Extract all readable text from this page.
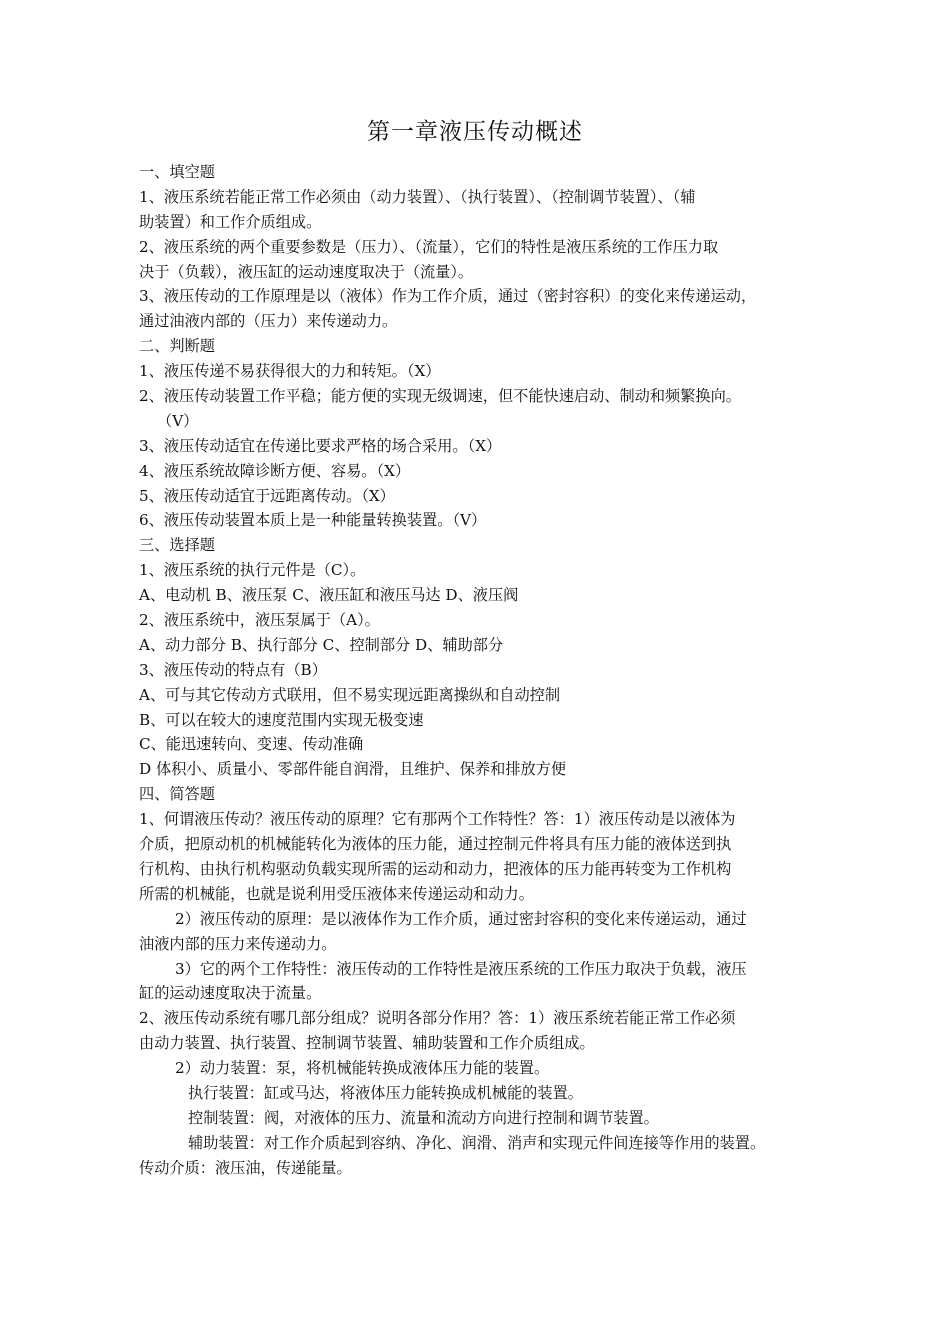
第一章液压传动概述
一、填空题
1、液压系统若能正常工作必须由（动力装置）、（执行装置）、（控制调节装置）、（辅
助装置）和工作介质组成。
2、液压系统的两个重要参数是（压力）、（流量），它们的特性是液压系统的工作压力取
决于（负载），液压缸的运动速度取决于（流量）。
3、液压传动的工作原理是以（液体）作为工作介质，通过（密封容积）的变化来传递运动，
通过油液内部的（压力）来传递动力。
二、判断题
1、液压传递不易获得很大的力和转矩。（X）
2、液压传动装置工作平稳；能方便的实现无级调速，但不能快速启动、制动和频繁换向。
（V）
3、液压传动适宜在传递比要求严格的场合采用。（X）
4、液压系统故障诊断方便、容易。（X）
5、液压传动适宜于远距离传动。（X）
6、液压传动装置本质上是一种能量转换装置。（V）
三、选择题
1、液压系统的执行元件是（C）。
A、电动机 B、液压泵 C、液压缸和液压马达 D、液压阀
2、液压系统中，液压泵属于（A）。
A、动力部分 B、执行部分 C、控制部分 D、辅助部分
3、液压传动的特点有（B）
A、可与其它传动方式联用，但不易实现远距离操纵和自动控制
B、可以在较大的速度范围内实现无极变速
C、能迅速转向、变速、传动准确
D 体积小、质量小、零部件能自润滑，且维护、保养和排放方便
四、简答题
1、何谓液压传动？液压传动的原理？它有那两个工作特性？答：1）液压传动是以液体为
介质，把原动机的机械能转化为液体的压力能，通过控制元件将具有压力能的液体送到执
行机构、由执行机构驱动负载实现所需的运动和动力，把液体的压力能再转变为工作机构
所需的机械能，也就是说利用受压液体来传递运动和动力。
2）液压传动的原理：是以液体作为工作介质，通过密封容积的变化来传递运动，通过
油液内部的压力来传递动力。
3）它的两个工作特性：液压传动的工作特性是液压系统的工作压力取决于负载，液压
缸的运动速度取决于流量。
2、液压传动系统有哪几部分组成？说明各部分作用？答：1）液压系统若能正常工作必须
由动力装置、执行装置、控制调节装置、辅助装置和工作介质组成。
2）动力装置：泵，将机械能转换成液体压力能的装置。
执行装置：缸或马达，将液体压力能转换成机械能的装置。
控制装置：阀，对液体的压力、流量和流动方向进行控制和调节装置。
辅助装置：对工作介质起到容纳、净化、润滑、消声和实现元件间连接等作用的装置。
传动介质：液压油，传递能量。
